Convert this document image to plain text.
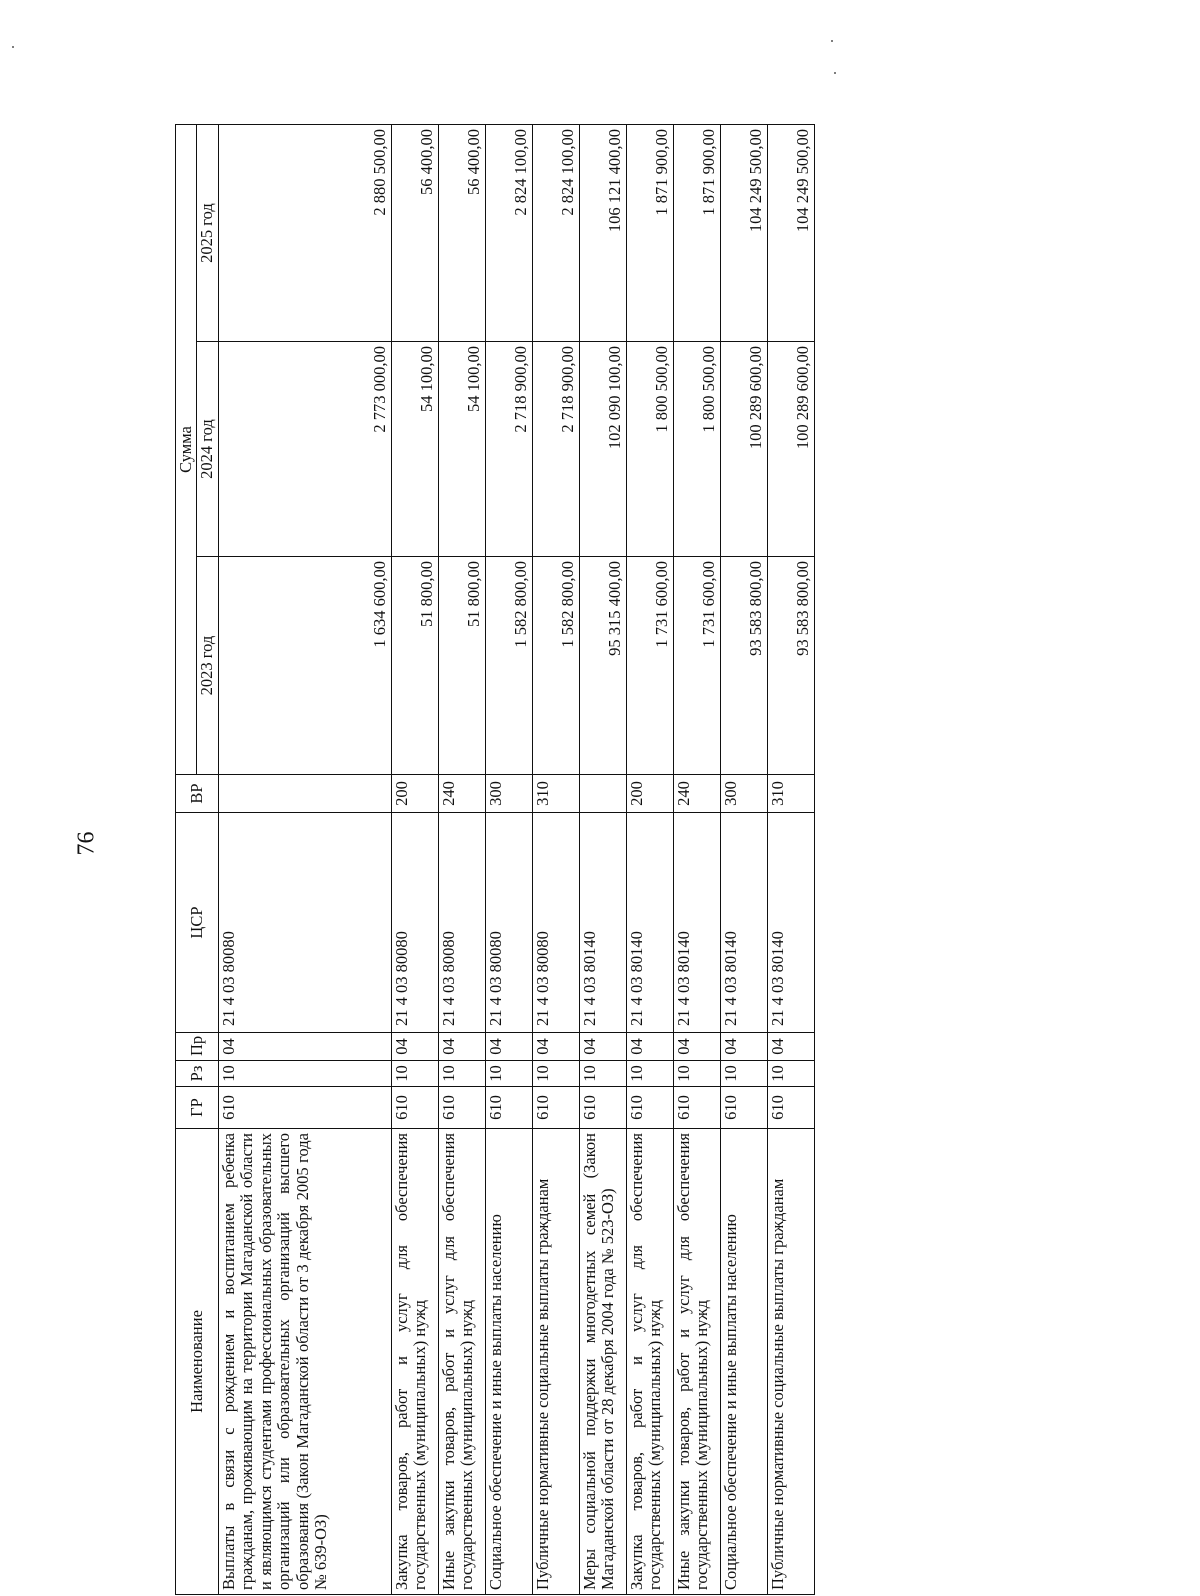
76
Наименование	ГР	Рз	Пр	ЦСР	ВР	Сумма		
						2023 год	2024 год	2025 год
Выплаты в связи с рождением и воспитанием ребенка гражданам, проживающим на территории Магаданской области и являющимся студентами профессиональных образовательных организаций или образовательных организаций высшего образования (Закон Магаданской области от 3 декабря 2005 года № 639-ОЗ)	610	10	04	21 4 03 80080		1 634 600,00	2 773 000,00	2 880 500,00
Закупка товаров, работ и услуг для обеспечения государственных (муниципальных) нужд	610	10	04	21 4 03 80080	200	51 800,00	54 100,00	56 400,00
Иные закупки товаров, работ и услуг для обеспечения государственных (муниципальных) нужд	610	10	04	21 4 03 80080	240	51 800,00	54 100,00	56 400,00
Социальное обеспечение и иные выплаты населению	610	10	04	21 4 03 80080	300	1 582 800,00	2 718 900,00	2 824 100,00
Публичные нормативные социальные выплаты гражданам	610	10	04	21 4 03 80080	310	1 582 800,00	2 718 900,00	2 824 100,00
Меры социальной поддержки многодетных семей (Закон Магаданской области от 28 декабря 2004 года № 523-ОЗ)	610	10	04	21 4 03 80140		95 315 400,00	102 090 100,00	106 121 400,00
Закупка товаров, работ и услуг для обеспечения государственных (муниципальных) нужд	610	10	04	21 4 03 80140	200	1 731 600,00	1 800 500,00	1 871 900,00
Иные закупки товаров, работ и услуг для обеспечения государственных (муниципальных) нужд	610	10	04	21 4 03 80140	240	1 731 600,00	1 800 500,00	1 871 900,00
Социальное обеспечение и иные выплаты населению	610	10	04	21 4 03 80140	300	93 583 800,00	100 289 600,00	104 249 500,00
Публичные нормативные социальные выплаты гражданам	610	10	04	21 4 03 80140	310	93 583 800,00	100 289 600,00	104 249 500,00
